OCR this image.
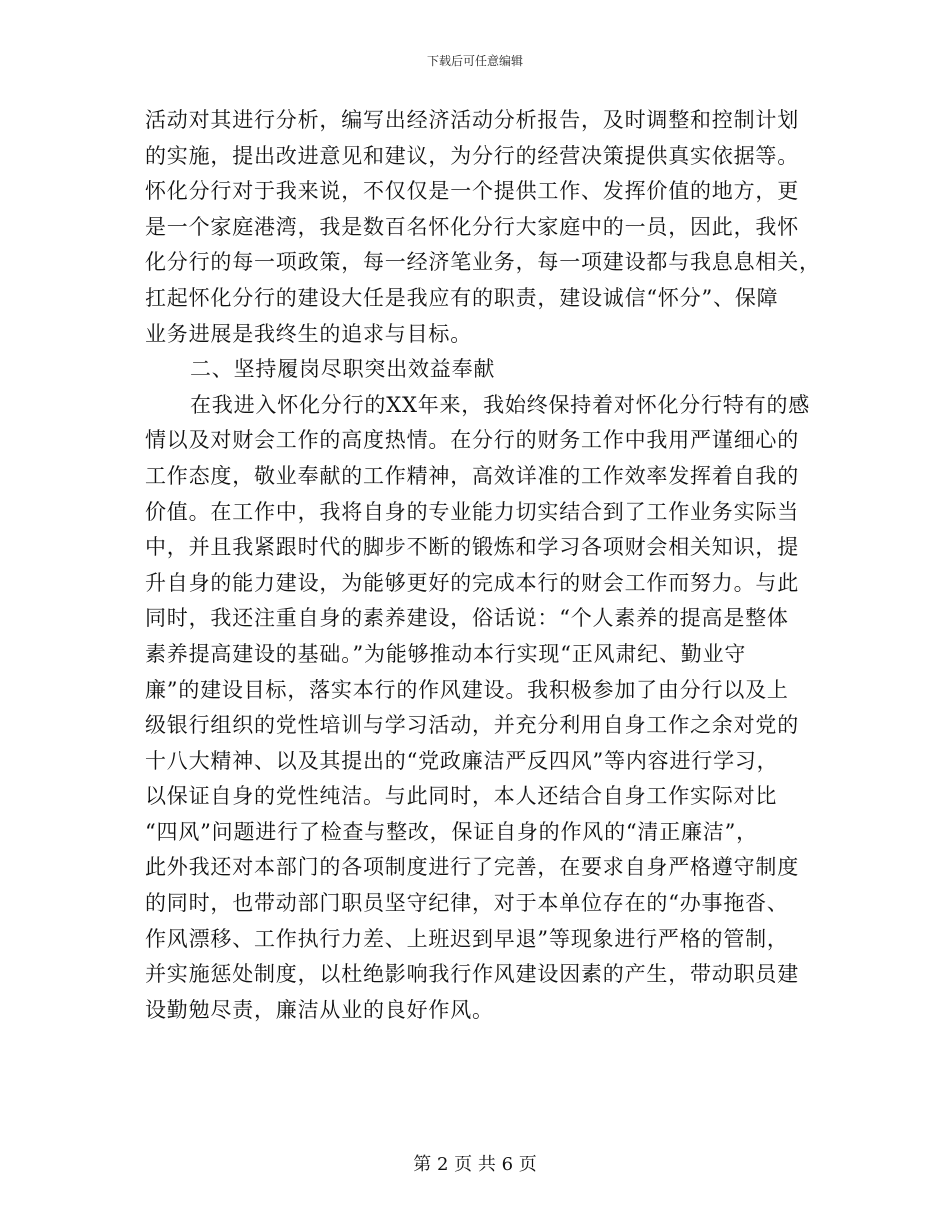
下载后可任意编辑
活动对其进行分析，编写出经济活动分析报告，及时调整和控制计划
的实施，提出改进意见和建议，为分行的经营决策提供真实依据等。
怀化分行对于我来说，不仅仅是一个提供工作、发挥价值的地方，更
是一个家庭港湾，我是数百名怀化分行大家庭中的一员，因此，我怀
化分行的每一项政策，每一经济笔业务，每一项建设都与我息息相关，
扛起怀化分行的建设大任是我应有的职责，建设诚信“怀分”、保障
业务进展是我终生的追求与目标。
二、坚持履岗尽职突出效益奉献
在我进入怀化分行的XX年来，我始终保持着对怀化分行特有的感
情以及对财会工作的高度热情。在分行的财务工作中我用严谨细心的
工作态度，敬业奉献的工作精神，高效详准的工作效率发挥着自我的
价值。在工作中，我将自身的专业能力切实结合到了工作业务实际当
中，并且我紧跟时代的脚步不断的锻炼和学习各项财会相关知识，提
升自身的能力建设，为能够更好的完成本行的财会工作而努力。与此
同时，我还注重自身的素养建设，俗话说：“个人素养的提高是整体
素养提高建设的基础。”为能够推动本行实现“正风肃纪、勤业守
廉”的建设目标，落实本行的作风建设。我积极参加了由分行以及上
级银行组织的党性培训与学习活动，并充分利用自身工作之余对党的
十八大精神、以及其提出的“党政廉洁严反四风”等内容进行学习，
以保证自身的党性纯洁。与此同时，本人还结合自身工作实际对比
“四风”问题进行了检查与整改，保证自身的作风的“清正廉洁”，
此外我还对本部门的各项制度进行了完善，在要求自身严格遵守制度
的同时，也带动部门职员坚守纪律，对于本单位存在的“办事拖沓、
作风漂移、工作执行力差、上班迟到早退”等现象进行严格的管制，
并实施惩处制度，以杜绝影响我行作风建设因素的产生，带动职员建
设勤勉尽责，廉洁从业的良好作风。
第 2 页 共 6 页
